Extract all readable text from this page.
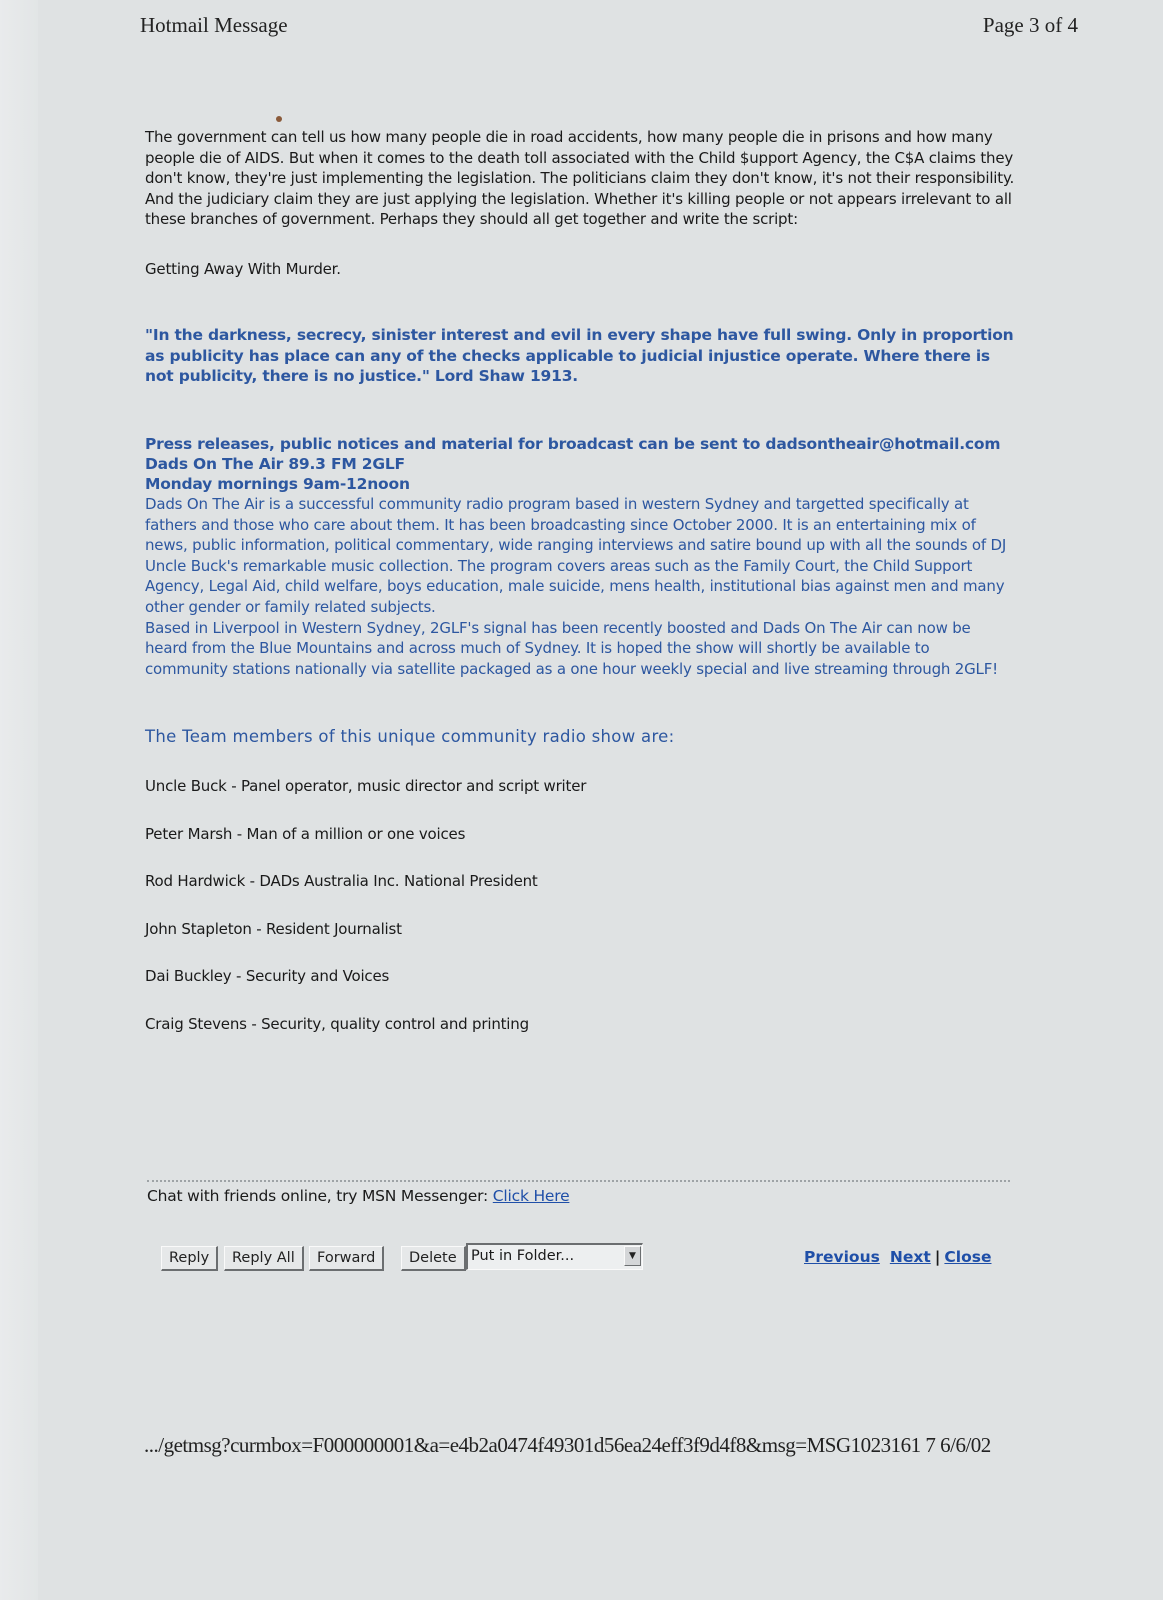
Hotmail Message	Page 3 of 4

The government can tell us how many people die in road accidents, how many people die in prisons and how many people die of AIDS. But when it comes to the death toll associated with the Child $upport Agency, the C$A claims they don't know, they're just implementing the legislation. The politicians claim they don't know, it's not their responsibility. And the judiciary claim they are just applying the legislation. Whether it's killing people or not appears irrelevant to all these branches of government. Perhaps they should all get together and write the script:

Getting Away With Murder.

"In the darkness, secrecy, sinister interest and evil in every shape have full swing. Only in proportion as publicity has place can any of the checks applicable to judicial injustice operate. Where there is not publicity, there is no justice." Lord Shaw 1913.

Press releases, public notices and material for broadcast can be sent to dadsontheair@hotmail.com

Dads On The Air 89.3 FM 2GLF

Monday mornings 9am-12noon

Dads On The Air is a successful community radio program based in western Sydney and targetted specifically at fathers and those who care about them. It has been broadcasting since October 2000. It is an entertaining mix of news, public information, political commentary, wide ranging interviews and satire bound up with all the sounds of DJ Uncle Buck's remarkable music collection. The program covers areas such as the Family Court, the Child Support Agency, Legal Aid, child welfare, boys education, male suicide, mens health, institutional bias against men and many other gender or family related subjects.

Based in Liverpool in Western Sydney, 2GLF's signal has been recently boosted and Dads On The Air can now be heard from the Blue Mountains and across much of Sydney. It is hoped the show will shortly be available to community stations nationally via satellite packaged as a one hour weekly special and live streaming through 2GLF!

The Team members of this unique community radio show are:

Uncle Buck - Panel operator, music director and script writer
Peter Marsh - Man of a million or one voices
Rod Hardwick - DADs Australia Inc. National President
John Stapleton - Resident Journalist
Dai Buckley - Security and Voices
Craig Stevens - Security, quality control and printing
Chat with friends online, try MSN Messenger: Click Here
Reply	Reply All	Forward	Delete Put in Folder...	▼	Previous Next | Close
.../getmsg?curmbox=F000000001&a=e4b2a0474f49301d56ea24eff3f9d4f8&msg=MSG1023161 7 6/6/02
